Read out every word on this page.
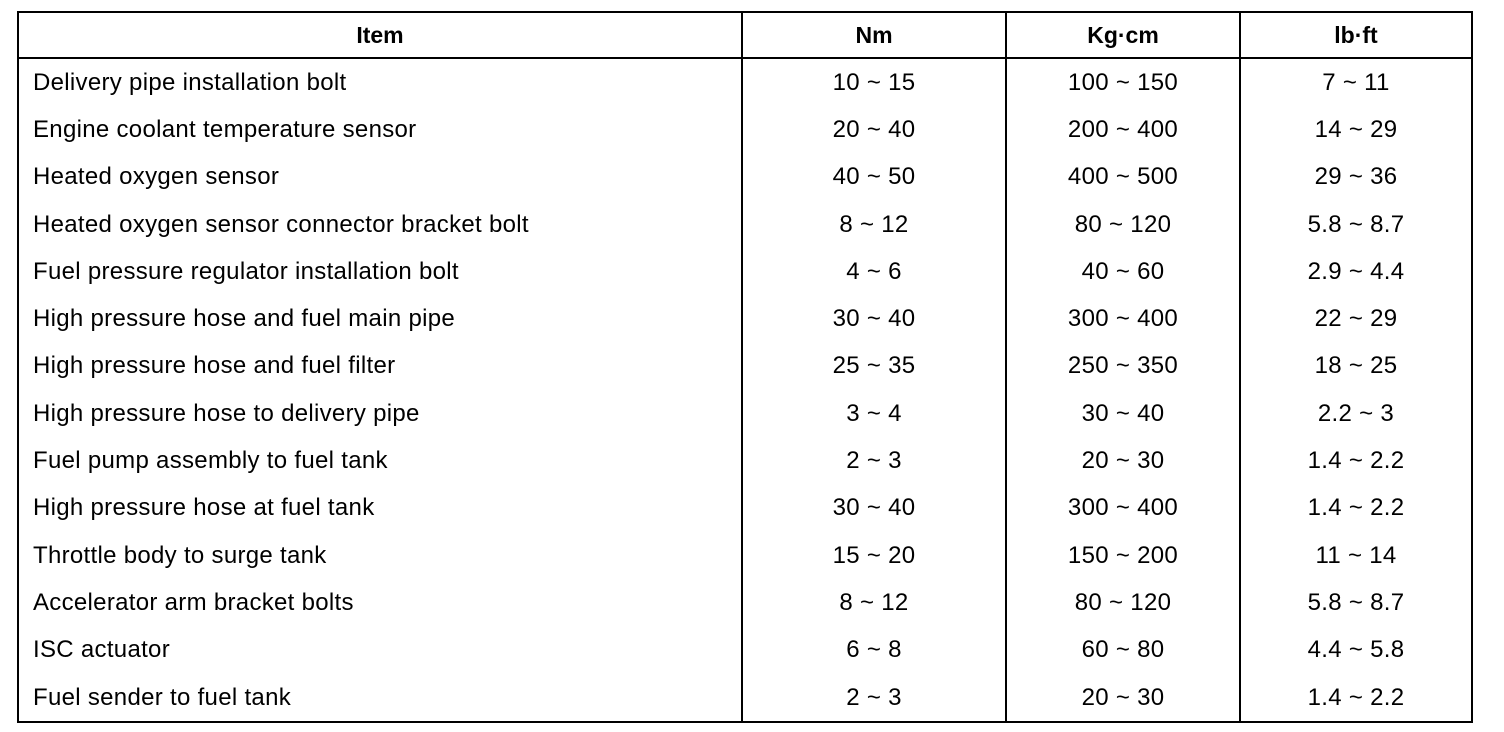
Item	Nm	Kg·cm	lb·ft
Delivery pipe installation bolt	10 ~ 15	100 ~ 150	7 ~ 11
Engine coolant temperature sensor	20 ~ 40	200 ~ 400	14 ~ 29
Heated oxygen sensor	40 ~ 50	400 ~ 500	29 ~ 36
Heated oxygen sensor connector bracket bolt	8 ~ 12	80 ~ 120	5.8 ~ 8.7
Fuel pressure regulator installation bolt	4 ~ 6	40 ~ 60	2.9 ~ 4.4
High pressure hose and fuel main pipe	30 ~ 40	300 ~ 400	22 ~ 29
High pressure hose and fuel filter	25 ~ 35	250 ~ 350	18 ~ 25
High pressure hose to delivery pipe	3 ~ 4	30 ~ 40	2.2 ~ 3
Fuel pump assembly to fuel tank	2 ~ 3	20 ~ 30	1.4 ~ 2.2
High pressure hose at fuel tank	30 ~ 40	300 ~ 400	1.4 ~ 2.2
Throttle body to surge tank	15 ~ 20	150 ~ 200	11 ~ 14
Accelerator arm bracket bolts	8 ~ 12	80 ~ 120	5.8 ~ 8.7
ISC actuator	6 ~ 8	60 ~ 80	4.4 ~ 5.8
Fuel sender to fuel tank	2 ~ 3	20 ~ 30	1.4 ~ 2.2
